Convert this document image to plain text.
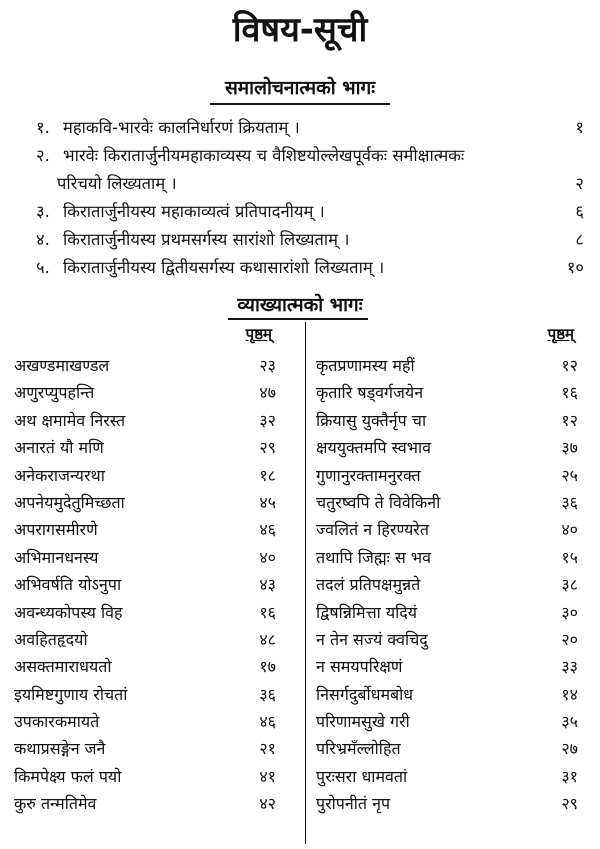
विषय-सूची
समालोचनात्मको भागः
१. महाकवि-भारवेः कालनिर्धारणं क्रियताम् ।	१
२. भारवेः किरातार्जुनीयमहाकाव्यस्य च वैशिष्टयोल्लेखपूर्वकः समीक्षात्मकः
परिचयो लिख्यताम् ।	२
३. किरातार्जुनीयस्य महाकाव्यत्वं प्रतिपादनीयम् ।	६
४. किरातार्जुनीयस्य प्रथमसर्गस्य सारांशो लिख्यताम् ।	८
५. किरातार्जुनीयस्य द्वितीयसर्गस्य कथासारांशो लिख्यताम् ।	१०
व्याख्यात्मको भागः
पृष्ठम्
अखण्डमाखण्डल	२३
अणुरप्युपहन्ति	४७
अथ क्षमामेव निरस्त	३२
अनारतं यौ मणि	२९
अनेकराजन्यरथा	१८
अपनेयमुदेतुमिच्छता	४५
अपरागसमीरणे	४६
अभिमानधनस्य	४०
अभिवर्षति योऽनुपा	४३
अवन्ध्यकोपस्य विह	१६
अवहितहृदयो	४८
असक्तमाराधयतो	१७
इयमिष्टगुणाय रोचतां	३६
उपकारकमायते	४६
कथाप्रसङ्गेन जनै	२१
किमपेक्ष्य फलं पयो	४१
कुरु तन्मतिमेव	४२
पृष्ठम्
कृतप्रणामस्य महीं	१२
कृतारि षड्वर्गजयेन	१६
क्रियासु युक्तैर्नृप चा	१२
क्षययुक्तमपि स्वभाव	३७
गुणानुरक्तामनुरक्त	२५
चतुरष्वपि ते विवेकिनी	३६
ज्वलितं न हिरण्यरेत	४०
तथापि जिह्मः स भव	१५
तदलं प्रतिपक्षमुन्नते	३८
द्विषन्निमित्ता यदियं	३०
न तेन सज्यं क्वचिदु	२०
न समयपरिक्षणं	३३
निसर्गदुर्बोधमबोध	१४
परिणामसुखे गरी	३५
परिभ्रमँल्लोहित	२७
पुरःसरा धामवतां	३१
पुरोपनीतं नृप	२९
